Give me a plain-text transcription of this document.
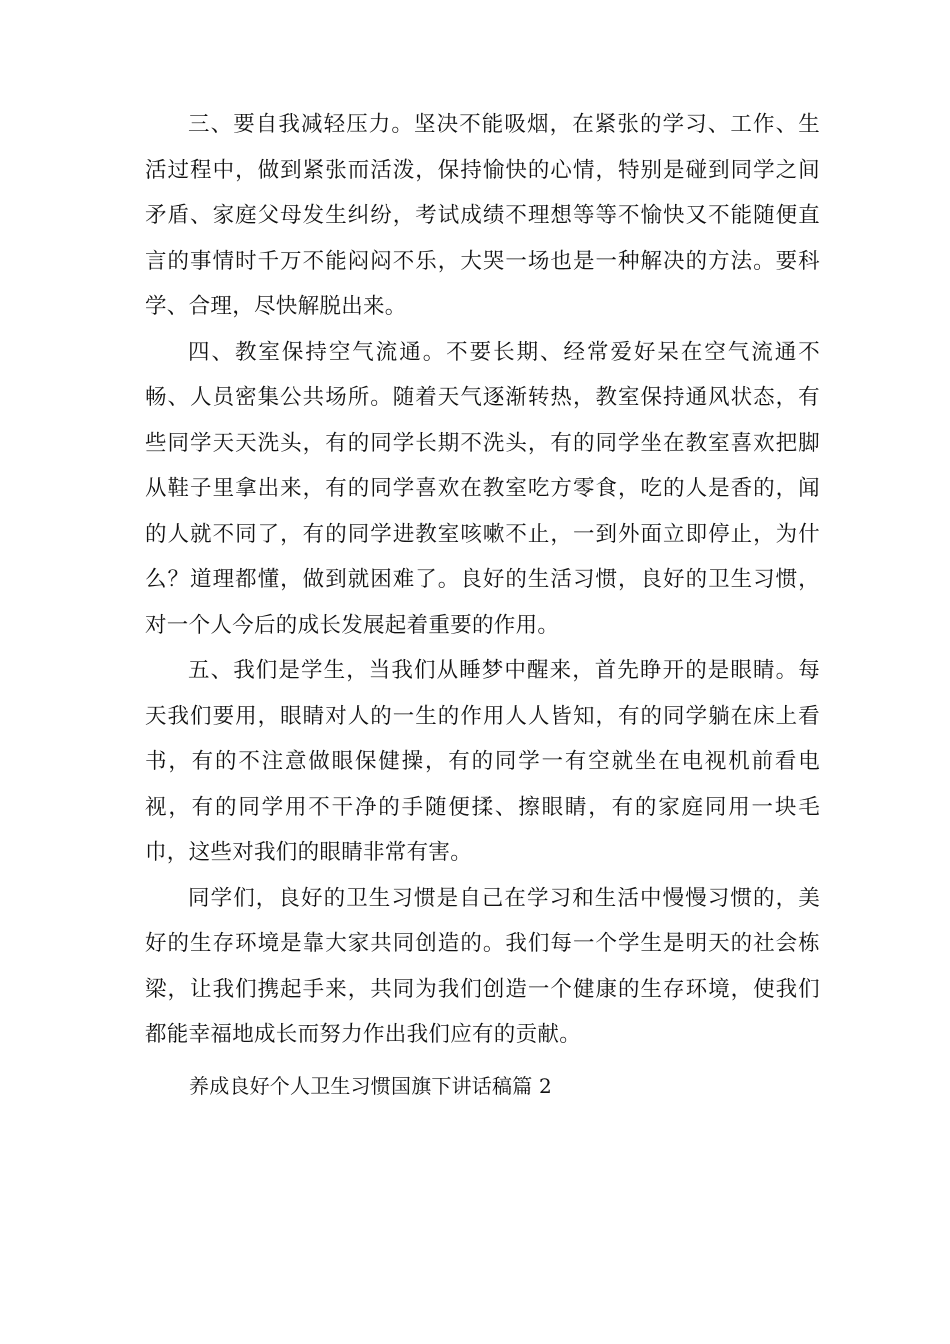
三、要自我减轻压力。坚决不能吸烟，在紧张的学习、工作、生活过程中，做到紧张而活泼，保持愉快的心情，特别是碰到同学之间矛盾、家庭父母发生纠纷，考试成绩不理想等等不愉快又不能随便直言的事情时千万不能闷闷不乐，大哭一场也是一种解决的方法。要科学、合理，尽快解脱出来。

四、教室保持空气流通。不要长期、经常爱好呆在空气流通不畅、人员密集公共场所。随着天气逐渐转热，教室保持通风状态，有些同学天天洗头，有的同学长期不洗头，有的同学坐在教室喜欢把脚从鞋子里拿出来，有的同学喜欢在教室吃方零食，吃的人是香的，闻的人就不同了，有的同学进教室咳嗽不止，一到外面立即停止，为什么？道理都懂，做到就困难了。良好的生活习惯，良好的卫生习惯，对一个人今后的成长发展起着重要的作用。

五、我们是学生，当我们从睡梦中醒来，首先睁开的是眼睛。每天我们要用，眼睛对人的一生的作用人人皆知，有的同学躺在床上看书，有的不注意做眼保健操，有的同学一有空就坐在电视机前看电视，有的同学用不干净的手随便揉、擦眼睛，有的家庭同用一块毛巾，这些对我们的眼睛非常有害。

同学们，良好的卫生习惯是自己在学习和生活中慢慢习惯的，美好的生存环境是靠大家共同创造的。我们每一个学生是明天的社会栋梁，让我们携起手来，共同为我们创造一个健康的生存环境，使我们都能幸福地成长而努力作出我们应有的贡献。

养成良好个人卫生习惯国旗下讲话稿篇 2
